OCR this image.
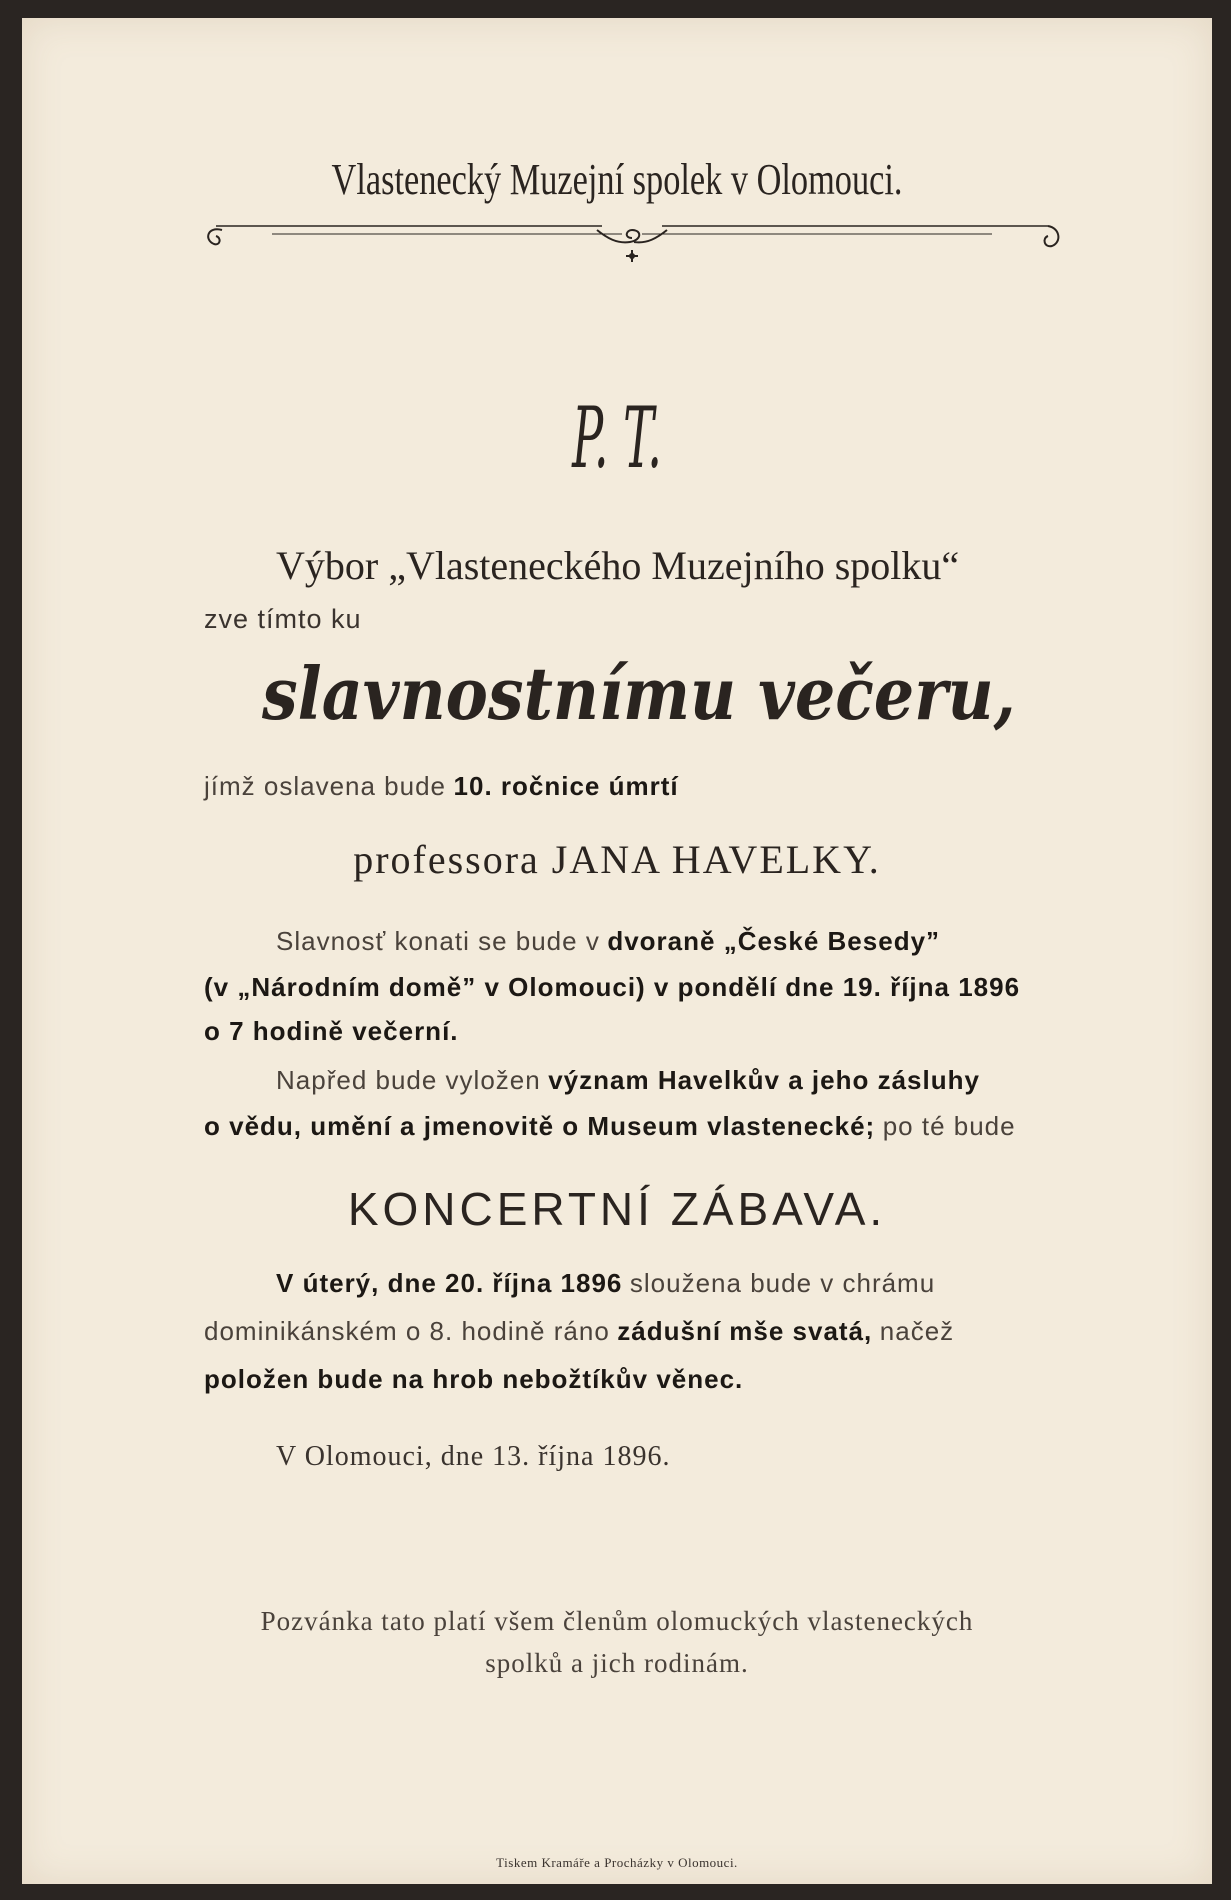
Vlastenecký Muzejní spolek v Olomouci.
P. T.
Výbor „Vlasteneckého Muzejního spolku“
zve tímto ku
slavnostnímu večeru,
jímž oslavena bude 10. ročnice úmrtí
professora JANA HAVELKY.
Slavnosť konati se bude v dvoraně „České Besedy”
(v „Národním domě” v Olomouci) v pondělí dne 19. října 1896
o 7 hodině večerní.
Napřed bude vyložen význam Havelkův a jeho zásluhy
o vědu, umění a jmenovitě o Museum vlastenecké; po té bude
KONCERTNÍ ZÁBAVA.
V úterý, dne 20. října 1896 sloužena bude v chrámu
dominikánském o 8. hodině ráno zádušní mše svatá, načež
položen bude na hrob nebožtíkův věnec.
V Olomouci, dne 13. října 1896.
Pozvánka tato platí všem členům olomuckých vlasteneckých
spolků a jich rodinám.
Tiskem Kramáře a Procházky v Olomouci.
